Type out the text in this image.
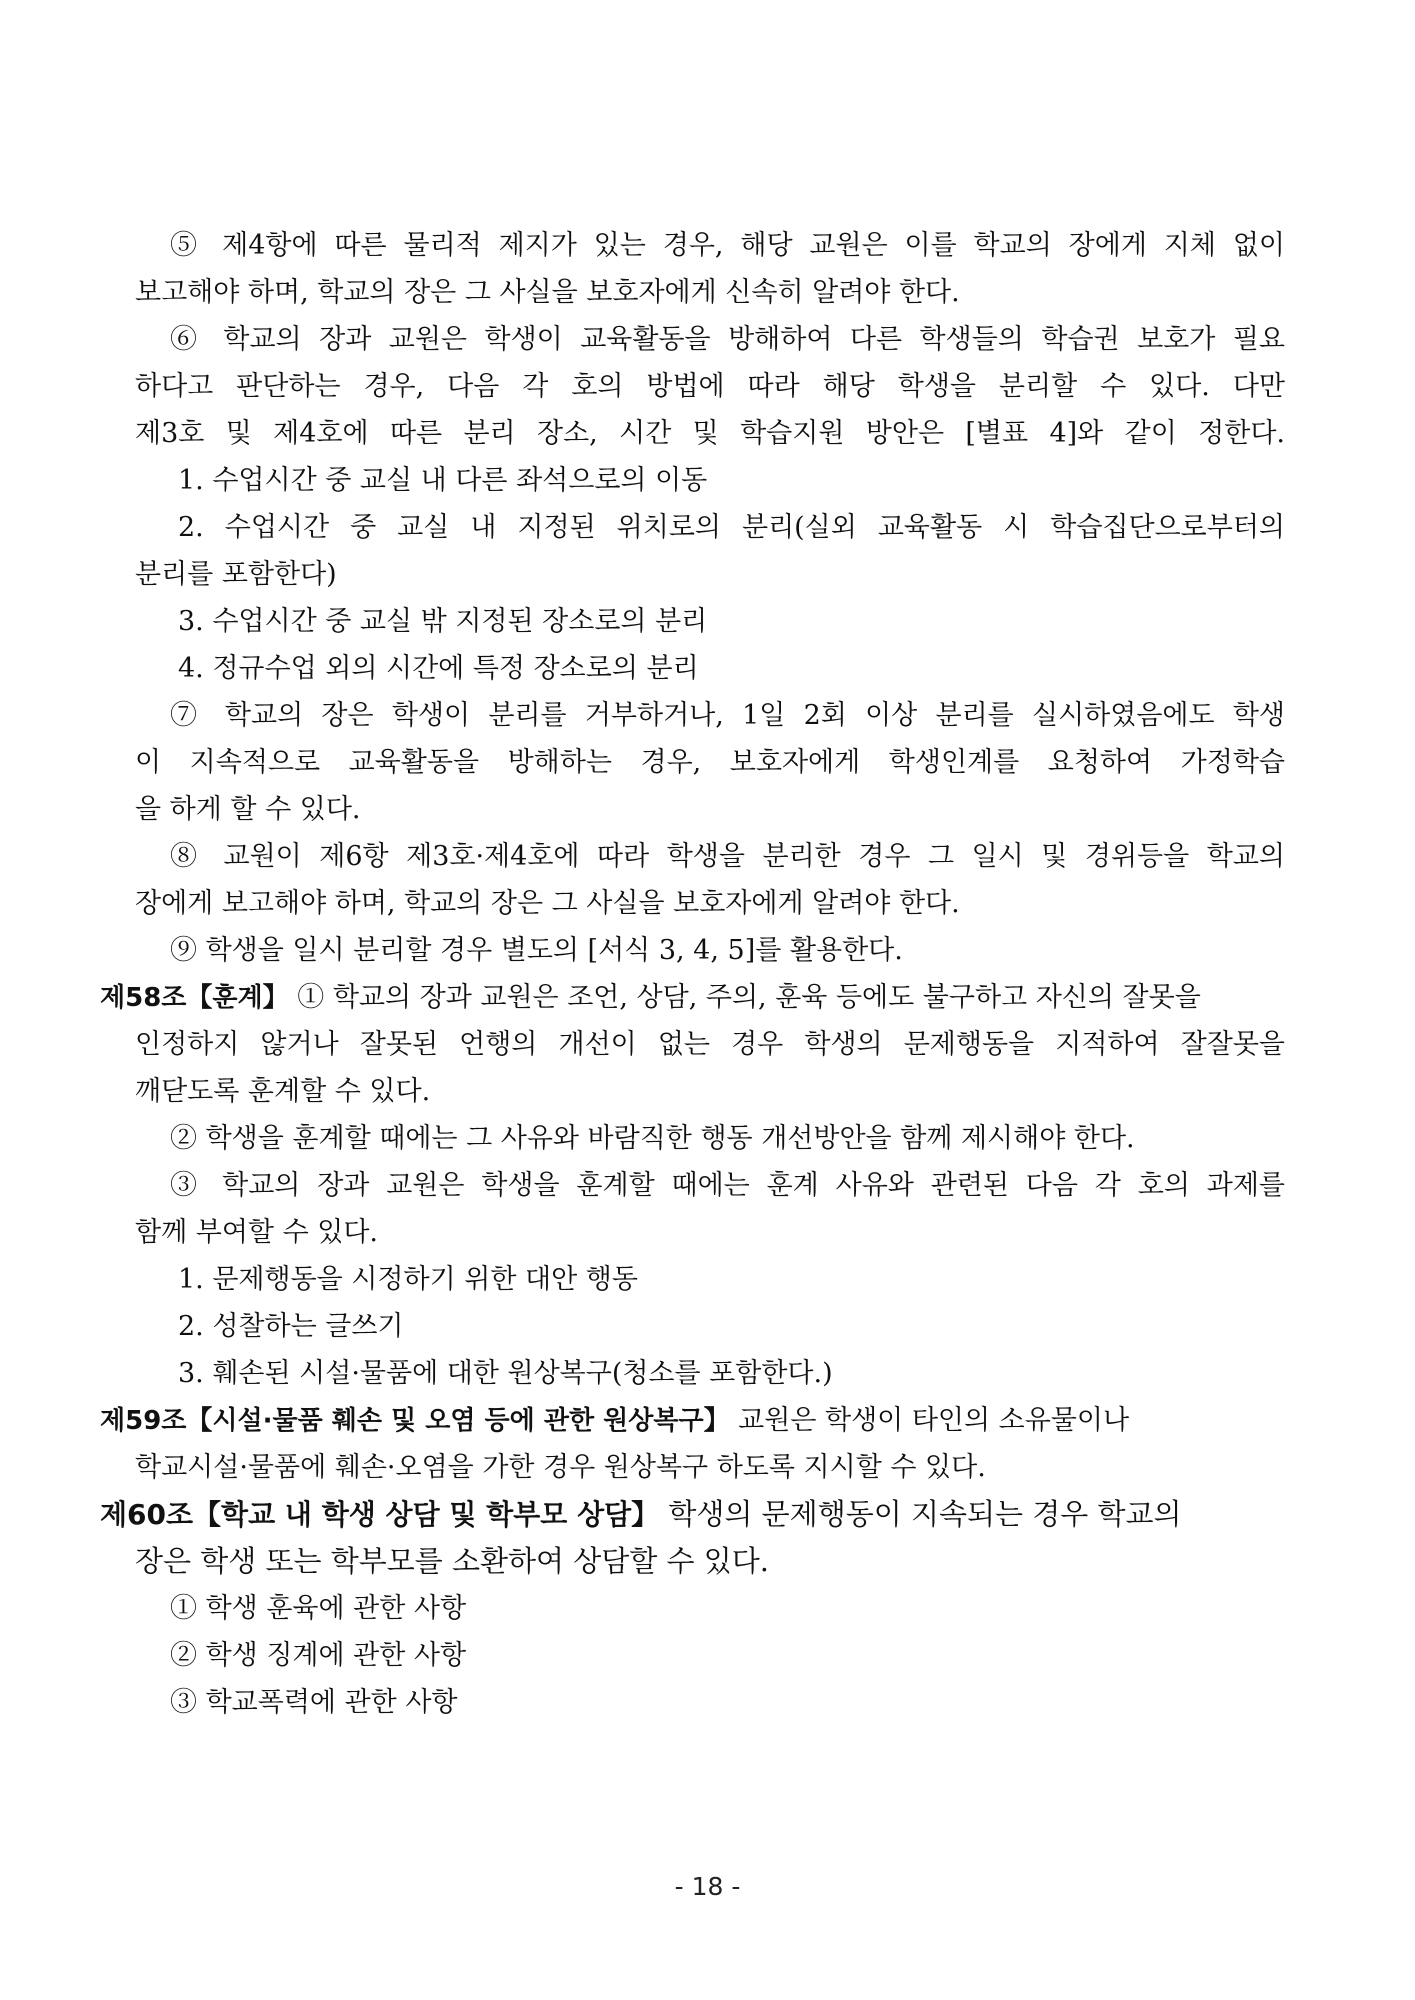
⑤ 제4항에 따른 물리적 제지가 있는 경우, 해당 교원은 이를 학교의 장에게 지체 없이
보고해야 하며, 학교의 장은 그 사실을 보호자에게 신속히 알려야 한다.
⑥ 학교의 장과 교원은 학생이 교육활동을 방해하여 다른 학생들의 학습권 보호가 필요
하다고 판단하는 경우, 다음 각 호의 방법에 따라 해당 학생을 분리할 수 있다. 다만
제3호 및 제4호에 따른 분리 장소, 시간 및 학습지원 방안은 [별표 4]와 같이 정한다.
1. 수업시간 중 교실 내 다른 좌석으로의 이동
2. 수업시간 중 교실 내 지정된 위치로의 분리(실외 교육활동 시 학습집단으로부터의
분리를 포함한다)
3. 수업시간 중 교실 밖 지정된 장소로의 분리
4. 정규수업 외의 시간에 특정 장소로의 분리
⑦ 학교의 장은 학생이 분리를 거부하거나, 1일 2회 이상 분리를 실시하였음에도 학생
이 지속적으로 교육활동을 방해하는 경우, 보호자에게 학생인계를 요청하여 가정학습
을 하게 할 수 있다.
⑧ 교원이 제6항 제3호·제4호에 따라 학생을 분리한 경우 그 일시 및 경위등을 학교의
장에게 보고해야 하며, 학교의 장은 그 사실을 보호자에게 알려야 한다.
⑨ 학생을 일시 분리할 경우 별도의 [서식 3, 4, 5]를 활용한다.
제58조【훈계】 ① 학교의 장과 교원은 조언, 상담, 주의, 훈육 등에도 불구하고 자신의 잘못을
인정하지 않거나 잘못된 언행의 개선이 없는 경우 학생의 문제행동을 지적하여 잘잘못을
깨닫도록 훈계할 수 있다.
② 학생을 훈계할 때에는 그 사유와 바람직한 행동 개선방안을 함께 제시해야 한다.
③ 학교의 장과 교원은 학생을 훈계할 때에는 훈계 사유와 관련된 다음 각 호의 과제를
함께 부여할 수 있다.
1. 문제행동을 시정하기 위한 대안 행동
2. 성찰하는 글쓰기
3. 훼손된 시설·물품에 대한 원상복구(청소를 포함한다.)
제59조【시설·물품 훼손 및 오염 등에 관한 원상복구】 교원은 학생이 타인의 소유물이나
학교시설·물품에 훼손·오염을 가한 경우 원상복구 하도록 지시할 수 있다.
제60조【학교 내 학생 상담 및 학부모 상담】 학생의 문제행동이 지속되는 경우 학교의
장은 학생 또는 학부모를 소환하여 상담할 수 있다.
① 학생 훈육에 관한 사항
② 학생 징계에 관한 사항
③ 학교폭력에 관한 사항
- 18 -
